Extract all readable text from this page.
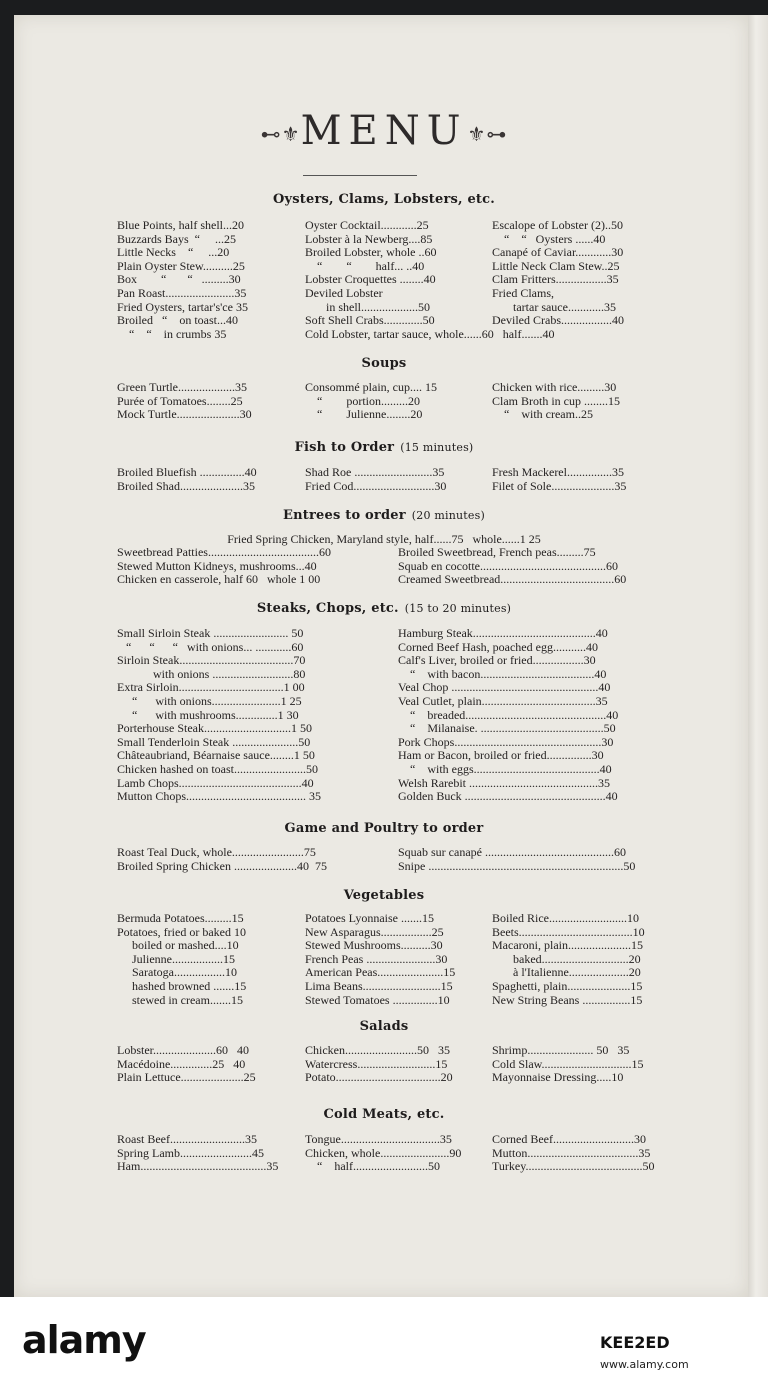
⊷⚜MENU⚜⊶
Oysters, Clams, Lobsters, etc.
Blue Points, half shell...20
Buzzards Bays  “     ...25
Little Necks    “     ...20
Plain Oyster Stew..........25
Box        “       “   .........30
Pan Roast.......................35
Fried Oysters, tartar's'ce 35
Broiled   “    on toast...40
“    “    in crumbs 35
Oyster Cocktail............25
Lobster à la Newberg....85
Broiled Lobster, whole ..60
“        “        half... ..40
Lobster Croquettes ........40
Deviled Lobster
in shell...................50
Soft Shell Crabs.............50
Cold Lobster, tartar sauce, whole......60   half.......40
Escalope of Lobster (2)..50
“    “   Oysters ......40
Canapé of Caviar............30
Little Neck Clam Stew..25
Clam Fritters.................35
Fried Clams,
tartar sauce............35
Deviled Crabs.................40
Soups
Green Turtle...................35
Purée of Tomatoes........25
Mock Turtle.....................30
Consommé plain, cup.... 15
“        portion.........20
“        Julienne........20
Chicken with rice.........30
Clam Broth in cup ........15
“    with cream..25
Fish to Order (15 minutes)
Broiled Bluefish ...............40
Broiled Shad.....................35
Shad Roe ..........................35
Fried Cod...........................30
Fresh Mackerel...............35
Filet of Sole.....................35
Entrees to order (20 minutes)
Fried Spring Chicken, Maryland style, half......75   whole......1 25
Sweetbread Patties.....................................60
Stewed Mutton Kidneys, mushrooms...40
Chicken en casserole, half 60   whole 1 00
Broiled Sweetbread, French peas.........75
Squab en cocotte..........................................60
Creamed Sweetbread......................................60
Steaks, Chops, etc. (15 to 20 minutes)
Small Sirloin Steak ......................... 50
“      “      “   with onions... ............60
Sirloin Steak......................................70
with onions ...........................80
Extra Sirloin...................................1 00
“      with onions.......................1 25
“      with mushrooms..............1 30
Porterhouse Steak.............................1 50
Small Tenderloin Steak ......................50
Châteaubriand, Béarnaise sauce........1 50
Chicken hashed on toast........................50
Lamb Chops.........................................40
Mutton Chops........................................ 35
Hamburg Steak.........................................40
Corned Beef Hash, poached egg...........40
Calf's Liver, broiled or fried.................30
“    with bacon......................................40
Veal Chop .................................................40
Veal Cutlet, plain......................................35
“    breaded...............................................40
“    Milanaise. .........................................50
Pork Chops.................................................30
Ham or Bacon, broiled or fried...............30
“    with eggs..........................................40
Welsh Rarebit ...........................................35
Golden Buck ...............................................40
Game and Poultry to order
Roast Teal Duck, whole........................75
Broiled Spring Chicken .....................40  75
Squab sur canapé ...........................................60
Snipe .................................................................50
Vegetables
Bermuda Potatoes.........15
Potatoes, fried or baked 10
boiled or mashed....10
Julienne.................15
Saratoga.................10
hashed browned .......15
stewed in cream.......15
Potatoes Lyonnaise .......15
New Asparagus.................25
Stewed Mushrooms..........30
French Peas .......................30
American Peas......................15
Lima Beans..........................15
Stewed Tomatoes ...............10
Boiled Rice..........................10
Beets......................................10
Macaroni, plain.....................15
baked.............................20
à l'Italienne....................20
Spaghetti, plain.....................15
New String Beans ................15
Salads
Lobster.....................60   40
Macédoine..............25   40
Plain Lettuce.....................25
Chicken........................50   35
Watercress..........................15
Potato...................................20
Shrimp...................... 50   35
Cold Slaw..............................15
Mayonnaise Dressing.....10
Cold Meats, etc.
Roast Beef.........................35
Spring Lamb........................45
Ham..........................................35
Tongue.................................35
Chicken, whole.......................90
“    half.........................50
Corned Beef...........................30
Mutton.....................................35
Turkey.......................................50
alamy	KEE2ED
www.alamy.com
